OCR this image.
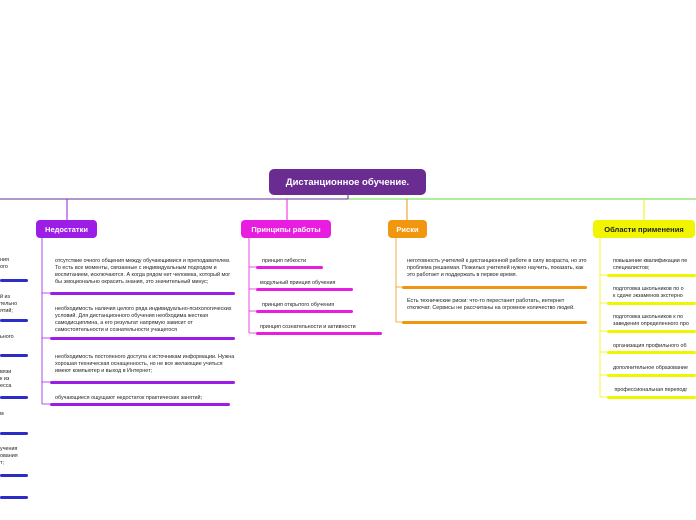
Дистанционное обучение.
Недостатки	Принципы работы	Риски	Области применения
ния
ого
й из
тельно
ятий;
ьного
вязи
к из
есса
м
учения
ования
т;
отсутствие очного общения между обучающимися и преподавателем. То есть все моменты, связанные с индивидуальным подходом и воспитанием, исключаются. А когда рядом нет человека, который мог бы эмоционально окрасить знания, это значительный минус;
необходимость наличия целого ряда индивидуально-психологических условий. Для дистанционного обучения необходима жесткая самодисциплина, а его результат напрямую зависит от самостоятельности и сознательности учащегося
необходимость постоянного доступа к источникам информации. Нужна хорошая техническая оснащенность, но не все желающие учиться имеют компьютер и выход в Интернет;
обучающиеся ощущают недостаток практических занятий;
принцип гибкости
модульный принцип обучения
принцип открытого обучения
принцип сознательности и активности
неготовность учителей к дистанционной работе в силу возраста, но это проблема решаемая. Пожилых учителей нужно научить, показать, как это работает и поддержать в первое время.
Есть технические риски: что-то перестанет работать, интернет отключат. Сервисы не рассчитаны на огромное количество людей.
повышение квалификации пе
специалистов;
подготовка школьников по о
к сдаче экзаменов экстерно
подготовка школьников к по
заведения определенного про
организация профильного об
дополнительное образование
профессиональная переподг
